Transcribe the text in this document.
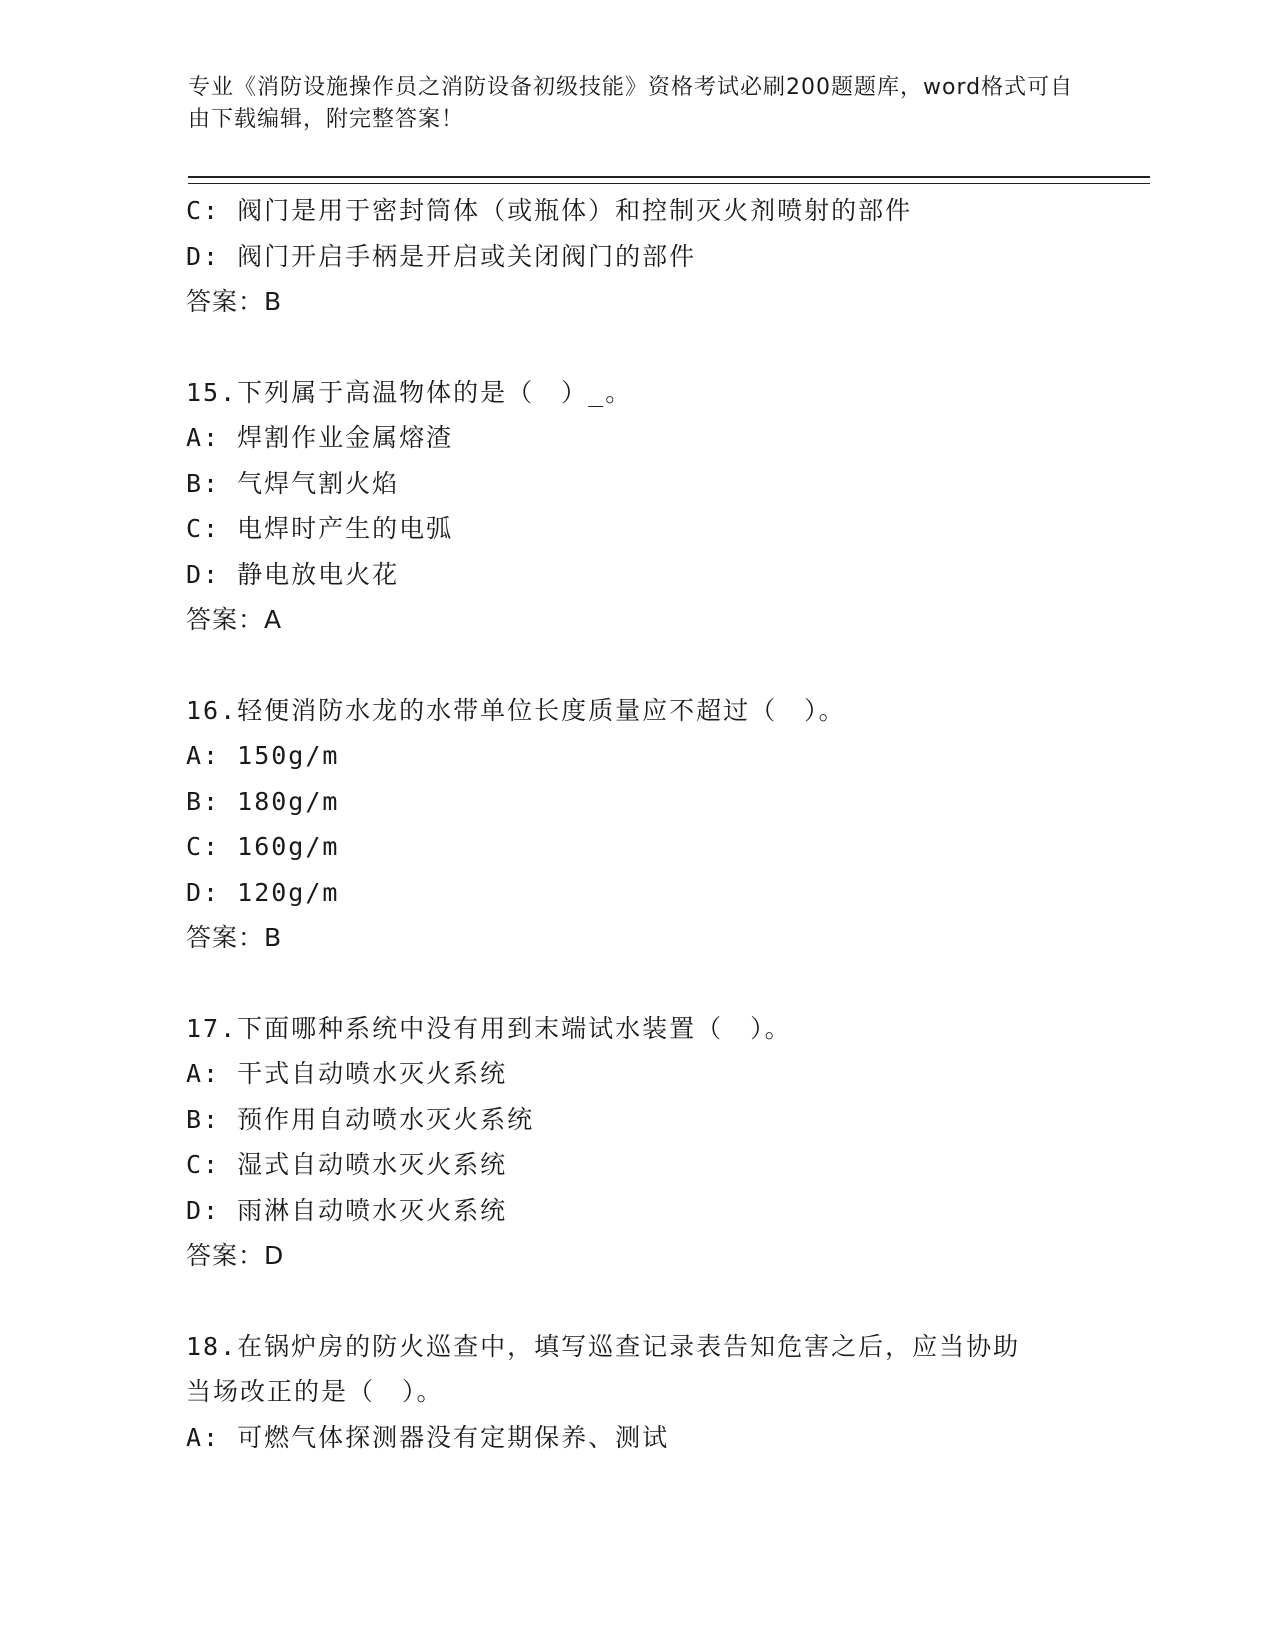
专业《消防设施操作员之消防设备初级技能》资格考试必刷200题题库，word格式可自由下载编辑，附完整答案！
C: 阀门是用于密封筒体（或瓶体）和控制灭火剂喷射的部件
D: 阀门开启手柄是开启或关闭阀门的部件
答案：B
15.下列属于高温物体的是（　）_。
A: 焊割作业金属熔渣
B: 气焊气割火焰
C: 电焊时产生的电弧
D: 静电放电火花
答案：A
16.轻便消防水龙的水带单位长度质量应不超过（　）。
A: 150g/m
B: 180g/m
C: 160g/m
D: 120g/m
答案：B
17.下面哪种系统中没有用到末端试水装置（　）。
A: 干式自动喷水灭火系统
B: 预作用自动喷水灭火系统
C: 湿式自动喷水灭火系统
D: 雨淋自动喷水灭火系统
答案：D
18.在锅炉房的防火巡查中，填写巡查记录表告知危害之后，应当协助
当场改正的是（　）。
A: 可燃气体探测器没有定期保养、测试
